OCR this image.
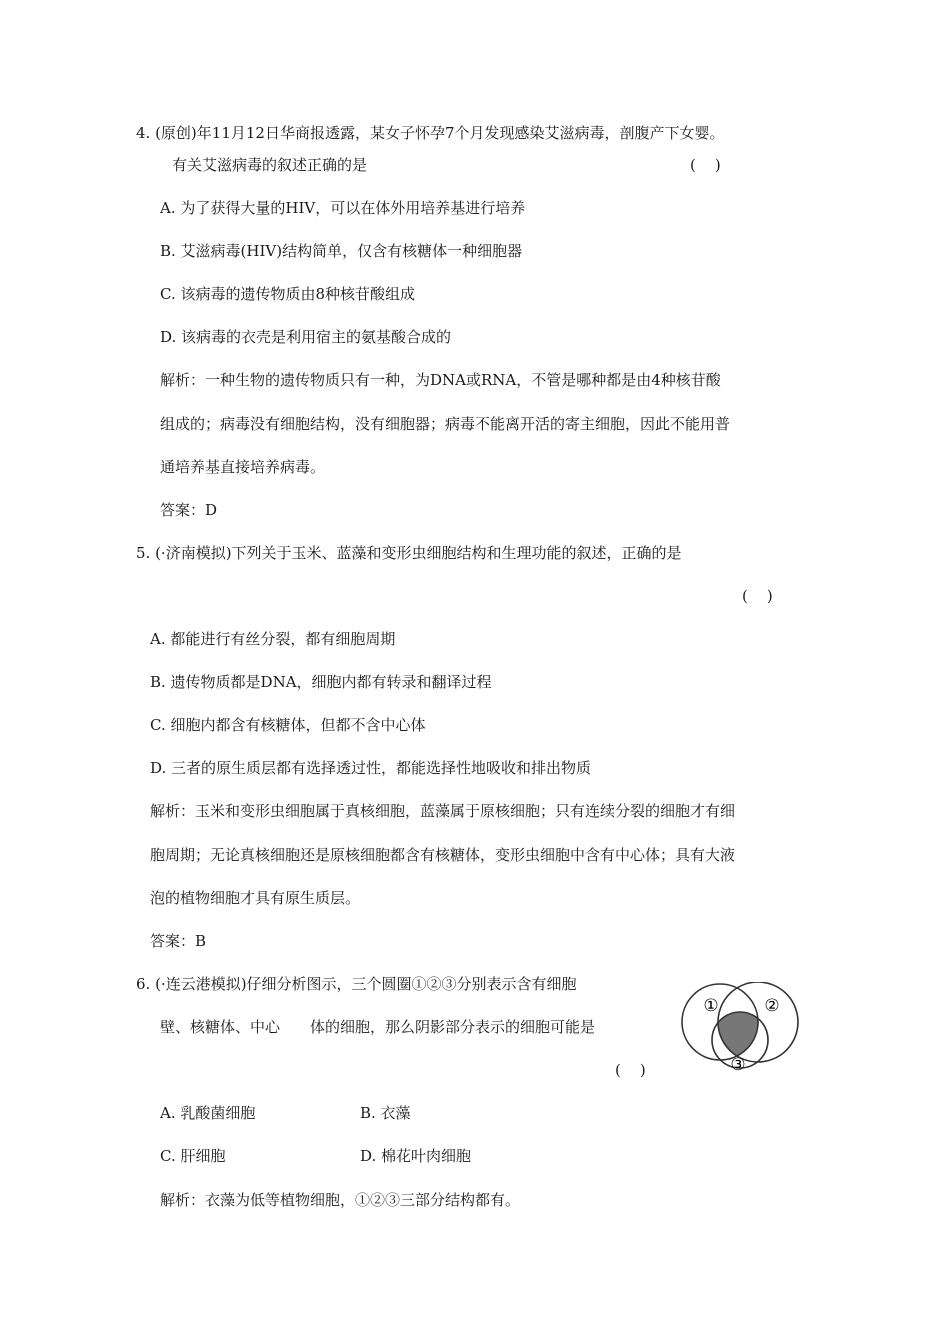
4. (原创)年11月12日华商报透露，某女子怀孕7个月发现感染艾滋病毒，剖腹产下女婴。
有关艾滋病毒的叙述正确的是	(    )
A. 为了获得大量的HIV，可以在体外用培养基进行培养
B. 艾滋病毒(HIV)结构简单，仅含有核糖体一种细胞器
C. 该病毒的遗传物质由8种核苷酸组成
D. 该病毒的衣壳是利用宿主的氨基酸合成的
解析：一种生物的遗传物质只有一种，为DNA或RNA，不管是哪种都是由4种核苷酸
组成的；病毒没有细胞结构，没有细胞器；病毒不能离开活的寄主细胞，因此不能用普
通培养基直接培养病毒。
答案：D
5. (·济南模拟)下列关于玉米、蓝藻和变形虫细胞结构和生理功能的叙述，正确的是
(    )
A. 都能进行有丝分裂，都有细胞周期
B. 遗传物质都是DNA，细胞内都有转录和翻译过程
C. 细胞内都含有核糖体，但都不含中心体
D. 三者的原生质层都有选择透过性，都能选择性地吸收和排出物质
解析：玉米和变形虫细胞属于真核细胞，蓝藻属于原核细胞；只有连续分裂的细胞才有细
胞周期；无论真核细胞还是原核细胞都含有核糖体，变形虫细胞中含有中心体；具有大液
泡的植物细胞才具有原生质层。
答案：B
6. (·连云港模拟)仔细分析图示，三个圆圈①②③分别表示含有细胞
壁、核糖体、中心　　体的细胞，那么阴影部分表示的细胞可能是
(    )
A. 乳酸菌细胞	B. 衣藻
C. 肝细胞	D. 棉花叶肉细胞
解析：衣藻为低等植物细胞，①②③三部分结构都有。
①	②
③
